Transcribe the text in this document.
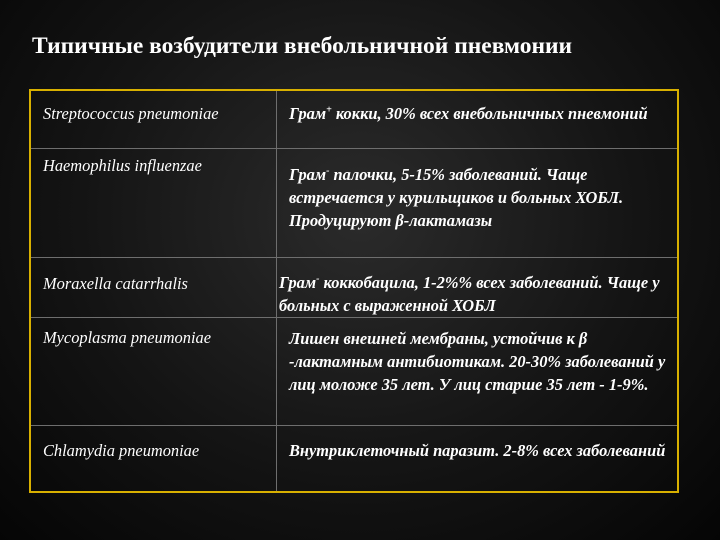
Типичные возбудители внебольничной пневмонии
Streptococcus pneumoniae	Грам+ кокки, 30% всех внебольничных пневмоний
Haemophilus influenzae	Грам- палочки, 5-15% заболеваний. Чаще встречается у курильщиков и больных ХОБЛ. Продуцируют β-лактамазы
Moraxella catarrhalis	Грам- коккобацила, 1-2%% всех заболеваний. Чаще у больных с выраженной ХОБЛ
Mycoplasma pneumoniae	Лишен внешней мембраны, устойчив к β -лактамным антибиотикам. 20-30% заболеваний у лиц моложе 35 лет. У лиц старше 35 лет - 1-9%.
Chlamydia pneumoniae	Внутриклеточный паразит. 2-8% всех заболеваний
